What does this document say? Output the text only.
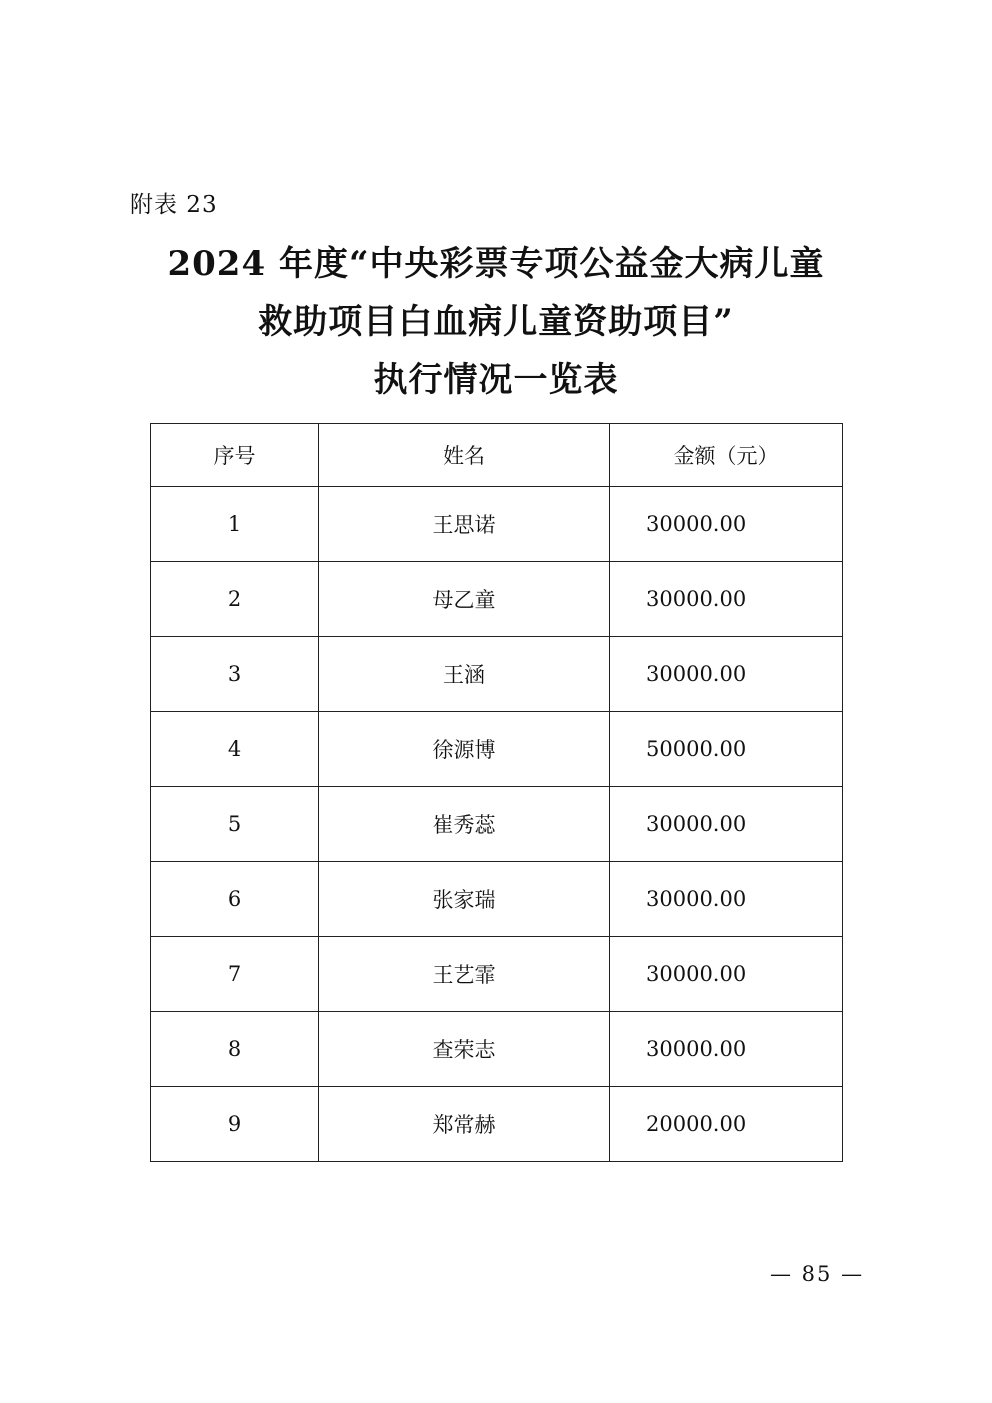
附表 23
2024 年度“中央彩票专项公益金大病儿童
救助项目白血病儿童资助项目”
执行情况一览表
序号	姓名	金额（元）
1	王思诺	30000.00
2	母乙童	30000.00
3	王涵	30000.00
4	徐源博	50000.00
5	崔秀蕊	30000.00
6	张家瑞	30000.00
7	王艺霏	30000.00
8	查荣志	30000.00
9	郑常赫	20000.00
— 85 —
